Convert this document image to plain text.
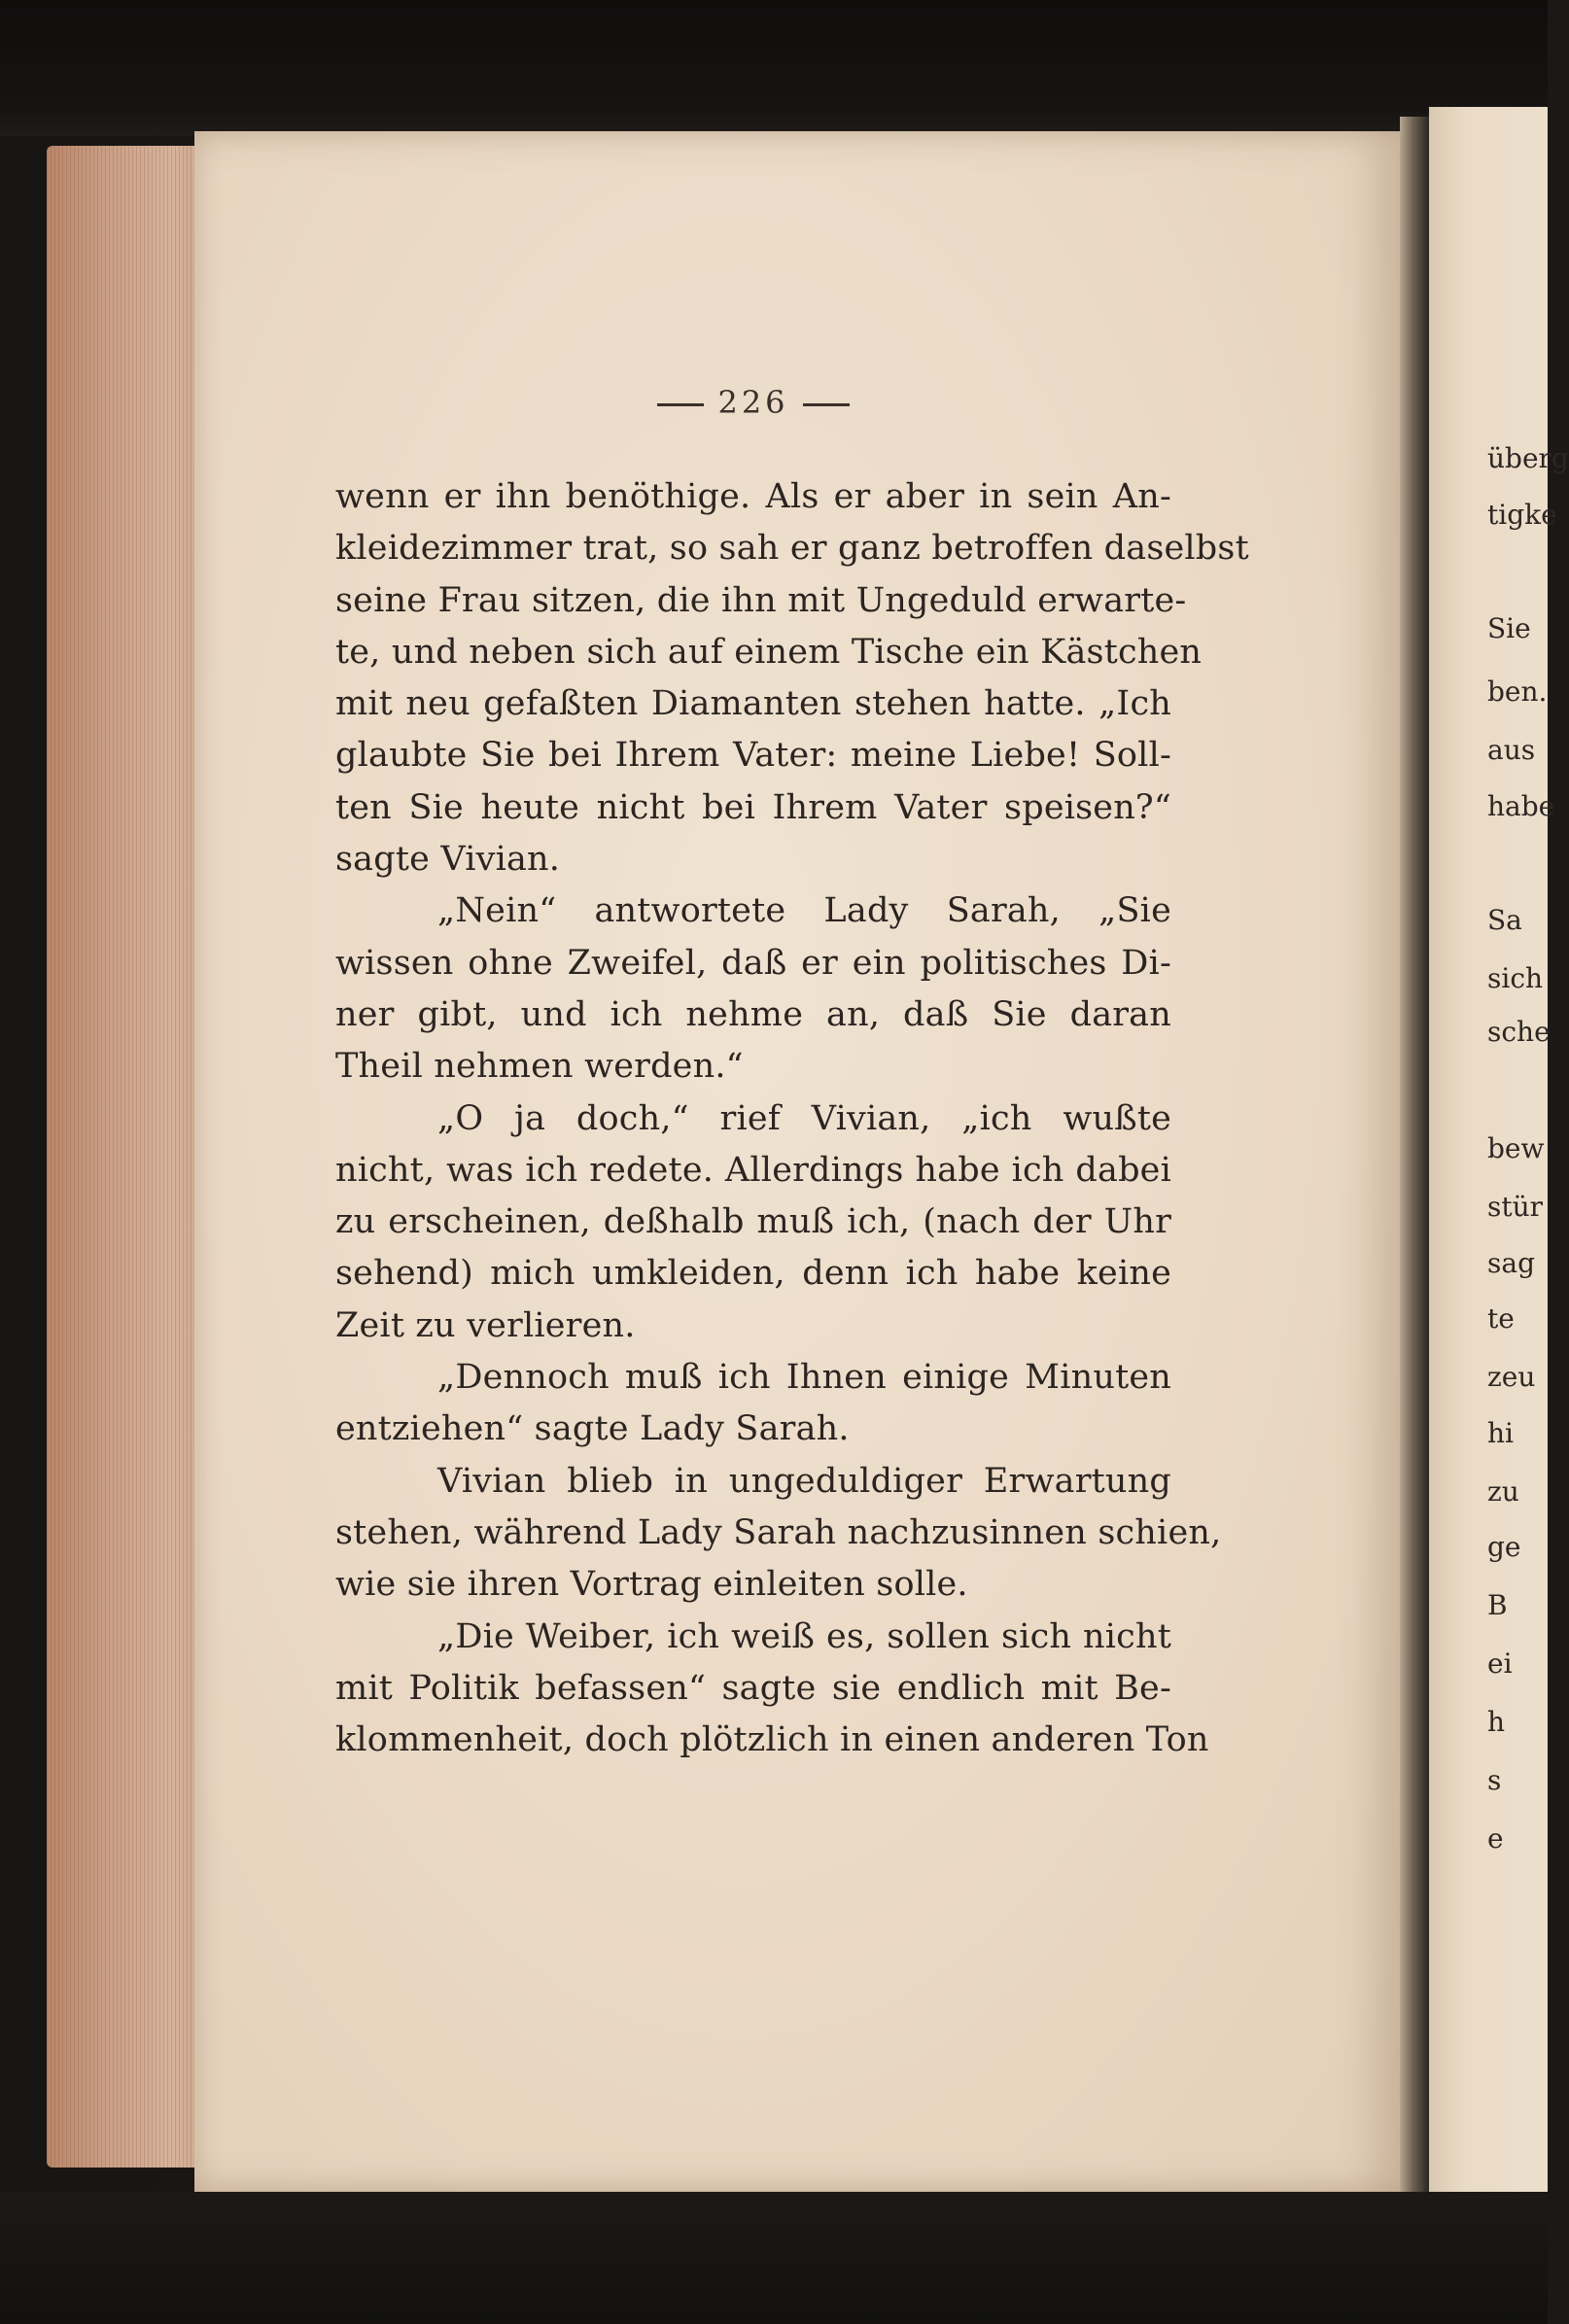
226
wenn er ihn benöthige. Als er aber in sein An-
kleidezimmer trat, so sah er ganz betroffen daselbst
seine Frau sitzen, die ihn mit Ungeduld erwarte-
te, und neben sich auf einem Tische ein Kästchen
mit neu gefaßten Diamanten stehen hatte. „Ich
glaubte Sie bei Ihrem Vater: meine Liebe! Soll-
ten Sie heute nicht bei Ihrem Vater speisen?“
sagte Vivian.
„Nein“ antwortete Lady Sarah, „Sie
wissen ohne Zweifel, daß er ein politisches Di-
ner gibt, und ich nehme an, daß Sie daran
Theil nehmen werden.“
„O ja doch,“ rief Vivian, „ich wußte
nicht, was ich redete. Allerdings habe ich dabei
zu erscheinen, deßhalb muß ich, (nach der Uhr
sehend) mich umkleiden, denn ich habe keine
Zeit zu verlieren.
„Dennoch muß ich Ihnen einige Minuten
entziehen“ sagte Lady Sarah.
Vivian blieb in ungeduldiger Erwartung
stehen, während Lady Sarah nachzusinnen schien,
wie sie ihren Vortrag einleiten solle.
„Die Weiber, ich weiß es, sollen sich nicht
mit Politik befassen“ sagte sie endlich mit Be-
klommenheit, doch plötzlich in einen anderen Ton
überg
tigke
Sie
ben.
aus
habe
Sa
sich
sche
bew
stür
sag
te
zeu
hi
zu
ge
B
ei
h
s
e
